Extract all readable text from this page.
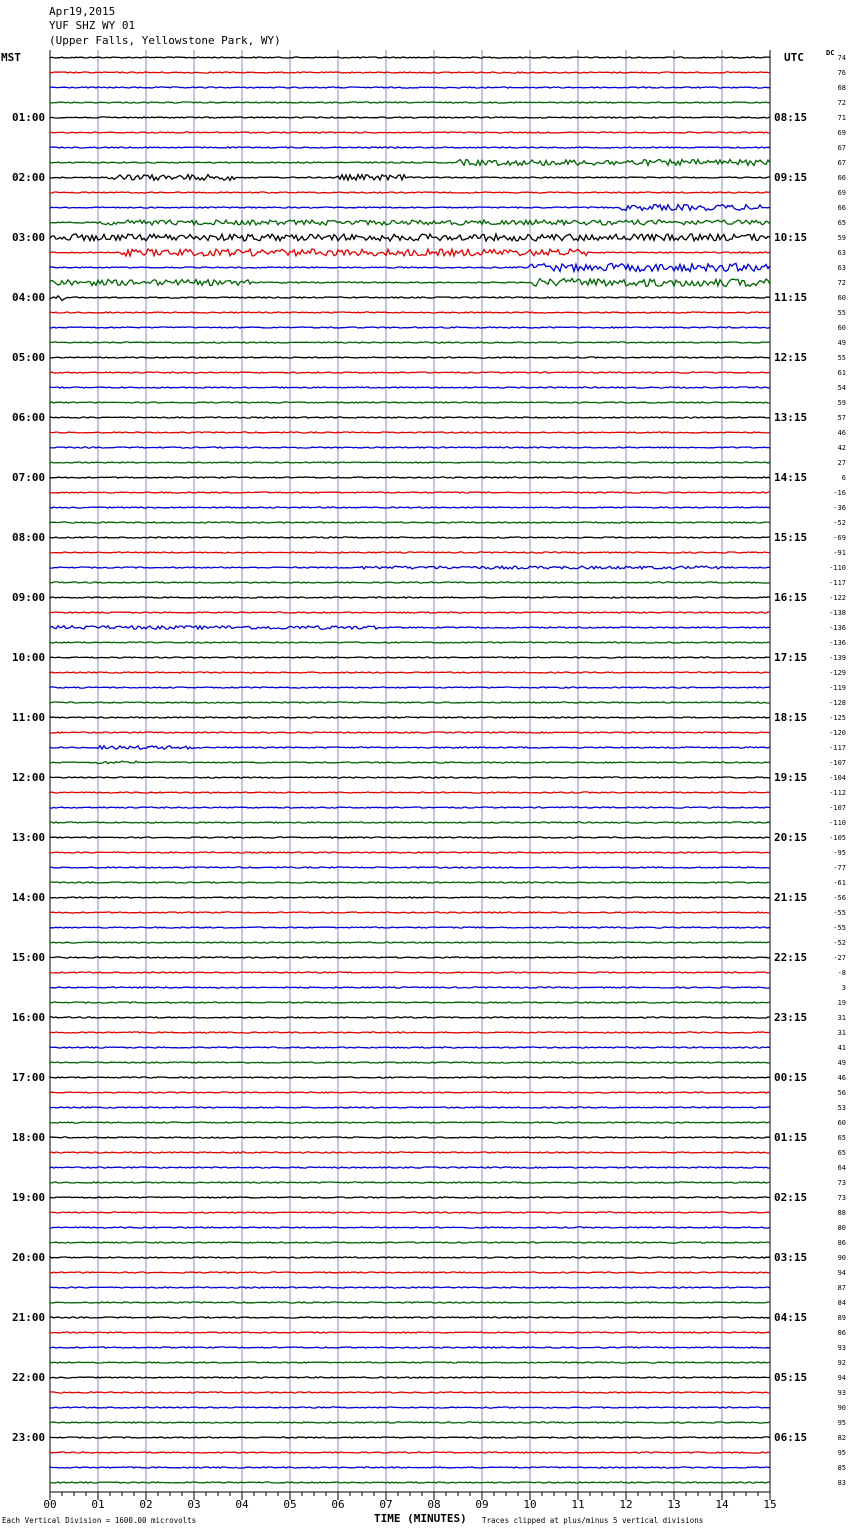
Apr19,2015
YUF SHZ WY 01
(Upper Falls, Yellowstone Park, WY)
MST	UTC	DC
00	01	02	03	04	05	06	07	08	09	10	11	12	13	14	15
01:00
02:00
03:00
04:00
05:00
06:00
07:00
08:00
09:00
10:00
11:00
12:00
13:00
14:00
15:00
16:00
17:00
18:00
19:00
20:00
21:00
22:00
23:00
08:15
09:15
10:15
11:15
12:15
13:15
14:15
15:15
16:15
17:15
18:15
19:15
20:15
21:15
22:15
23:15
00:15
01:15
02:15
03:15
04:15
05:15
06:15
74
76
68
72
71
69
67
67
66
69
66
65
59
63
63
72
60
55
60
49
55
61
54
59
57
46
42
27
6
-16
-36
-52
-69
-91
-110
-117
-122
-138
-136
-136
-139
-129
-119
-128
-125
-120
-117
-107
-104
-112
-107
-110
-105
-95
-77
-61
-56
-55
-55
-52
-27
-8
3
19
31
31
41
49
46
56
53
60
65
65
64
73
73
88
80
86
90
94
87
84
89
86
93
92
94
93
90
95
82
95
85
83
Each Vertical Division = 1600.00 microvolts	TIME (MINUTES) Traces clipped at plus/minus 5 vertical divisions
